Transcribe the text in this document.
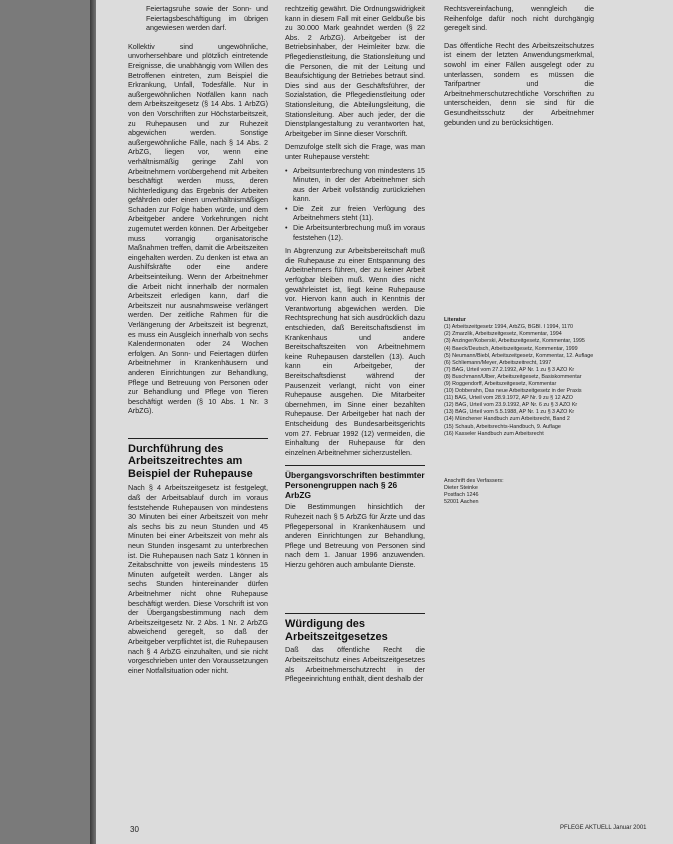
Feiertagsruhe sowie der Sonn- und Feiertagsbeschäftigung im übrigen angewiesen werden darf.

Kollektiv sind ungewöhnliche, unvorhersehbare und plötzlich eintretende Ereignisse, die unabhängig vom Willen des Betroffenen eintreten, zum Beispiel die Erkrankung, Unfall, Todesfälle. Nur in außergewöhnlichen Notfällen kann nach dem Arbeitszeitgesetz (§ 14 Abs. 1 ArbZG) von den Vorschriften zur Höchstarbeitszeit, zu Ruhepausen und zur Ruhezeit abgewichen werden. Sonstige außergewöhnliche Fälle, nach § 14 Abs. 2 ArbZG, liegen vor, wenn eine verhältnismäßig geringe Zahl von Arbeitnehmern vorübergehend mit Arbeiten beschäftigt werden muss, deren Nichterledigung das Ergebnis der Arbeiten gefährden oder einen unverhältnismäßigen Schaden zur Folge haben würde, und dem Arbeitgeber andere Vorkehrungen nicht zugemutet werden können. Der Arbeitgeber muss vorrangig organisatorische Maßnahmen treffen, damit die Arbeitszeiten eingehalten werden. Zu denken ist etwa an Aushilfskräfte oder eine andere Arbeitseinteilung. Wenn der Arbeitnehmer die Arbeit nicht innerhalb der normalen Arbeitszeit erledigen kann, darf die Arbeitszeit nur ausnahmsweise verlängert werden. Der zeitliche Rahmen für die Verlängerung der Arbeitszeit ist begrenzt, es muss ein Ausgleich innerhalb von sechs Kalendermonaten oder 24 Wochen erfolgen. An Sonn- und Feiertagen dürfen Arbeitnehmer in Krankenhäusern und anderen Einrichtungen zur Behandlung, Pflege und Betreuung von Personen oder zur Behandlung und Pflege von Tieren beschäftigt werden (§ 10 Abs. 1 Nr. 3 ArbZG).

Durchführung des Arbeitszeitrechtes am Beispiel der Ruhepause

Nach § 4 Arbeitszeitgesetz ist festgelegt, daß der Arbeitsablauf durch im voraus feststehende Ruhepausen von mindestens 30 Minuten bei einer Arbeitszeit von mehr als sechs bis zu neun Stunden und 45 Minuten bei einer Arbeitszeit von mehr als neun Stunden insgesamt zu unterbrechen ist. Die Ruhepausen nach Satz 1 können in Zeitabschnitte von jeweils mindestens 15 Minuten aufgeteilt werden. Länger als sechs Stunden hintereinander dürfen Arbeitnehmer nicht ohne Ruhepause beschäftigt werden. Diese Vorschrift ist von der Übergangsbestimmung nach dem Arbeitszeitgesetz Nr. 2 Abs. 1 Nr. 2 ArbZG abweichend geregelt, so daß der Arbeitgeber verpflichtet ist, die Ruhepausen nach § 4 ArbZG einzuhalten, und sie nicht vorgeschrieben unter den Voraussetzungen einer Notfallsituation oder nicht.

rechtzeitig gewährt. Die Ordnungswidrigkeit kann in diesem Fall mit einer Geldbuße bis zu 30.000 Mark geahndet werden (§ 22 Abs. 2 ArbZG). Arbeitgeber ist der Betriebsinhaber, der Heimleiter bzw. die Pflegedienstleitung, die Stationsleitung und die Personen, die mit der Leitung und Beaufsichtigung der Betriebes betraut sind. Dies sind aus der Geschäftsführer, der Sozialstation, die Pflegedienstleitung oder Stationsleitung, die Abteilungsleitung, die Stationsleitung. Aber auch jeder, der die Dienstplangestaltung zu verantworten hat, Arbeitgeber im Sinne dieser Vorschrift.

Demzufolge stellt sich die Frage, was man unter Ruhepause versteht:

• Arbeitsunterbrechung von mindestens 15 Minuten, in der der Arbeitnehmer sich aus der Arbeit vollständig zurückziehen kann.
• Die Zeit zur freien Verfügung des Arbeitnehmers steht (11).
• Die Arbeitsunterbrechung muß im voraus feststehen (12).

In Abgrenzung zur Arbeitsbereitschaft muß die Ruhepause zu einer Entspannung des Arbeitnehmers führen, der zu keiner Arbeit verfügbar bleiben muß. Wenn dies nicht gewährleistet ist, liegt keine Ruhepause vor. Hiervon kann auch in Kenntnis der Verantwortung abgewichen werden. Die Rechtsprechung hat sich ausdrücklich dazu entschieden, daß Bereitschaftsdienst im Krankenhaus und andere Bereitschaftszeiten von Arbeitnehmern keine Ruhepausen darstellen (13). Auch kann ein Arbeitgeber, der Bereitschaftsdienst während der Pausenzeit verlangt, nicht von einer Ruhepause ausgehen. Die Mitarbeiter übernehmen, im Sinne einer bezahlten Ruhepause. Der Arbeitgeber hat nach der Entscheidung des Bundesarbeitsgerichts vom 27. Februar 1992 (12) vermeiden, die Einhaltung der Ruhepause für den einzelnen Arbeitnehmer sicherzustellen.

Übergangsvorschriften bestimmter Personengruppen nach § 26 ArbZG

Die Bestimmungen hinsichtlich der Ruhezeit nach § 5 ArbZG für Ärzte und das Pflegepersonal in Krankenhäusern und anderen Einrichtungen zur Behandlung, Pflege und Betreuung von Personen sind nach dem 1. Januar 1996 anzuwenden. Hierzu gehören auch ambulante Dienste.

Würdigung des Arbeitszeitgesetzes

Daß das öffentliche Recht die Arbeitszeitschutz eines Arbeitszeitgesetzes als Arbeitnehmerschutzrecht in der Pflegeeinrichtung enthält, dient deshalb der

Rechtsvereinfachung, wenngleich die Reihenfolge dafür noch nicht durchgängig geregelt sind.

Das öffentliche Recht des Arbeitszeitschutzes ist einem der letzten Anwendungsmerkmal, sowohl im einer Fällen ausgelegt oder zu unterlassen, sondern es müssen die Tarifpartner und die Arbeitnehmerschutzrechtliche Vorschriften zu unterscheiden, denn sie sind für die Gesundheitsschutz der Arbeitnehmer gebunden und zu berücksichtigen.

Literatur
(1) Arbeitszeitgesetz 1994, ArbZG, BGBl. I 1994, 1170
(2) Zmarzlik, Arbeitszeitgesetz, Kommentar, 1994
(3) Anzinger/Koberski, Arbeitszeitgesetz, Kommentar, 1995
(4) Baeck/Deutsch, Arbeitszeitgesetz, Kommentar, 1999
(5) Neumann/Biebl, Arbeitszeitgesetz, Kommentar, 12. Auflage
(6) Schliemann/Meyer, Arbeitszeitrecht, 1997
(7) BAG, Urteil vom 27.2.1992, AP Nr. 1 zu § 3 AZO Kr
(8) Buschmann/Ulber, Arbeitszeitgesetz, Basiskommentar
(9) Roggendorff, Arbeitszeitgesetz, Kommentar
(10) Dobberahn, Das neue Arbeitszeitgesetz in der Praxis
(11) BAG, Urteil vom 28.9.1972, AP Nr. 9 zu § 12 AZO
(12) BAG, Urteil vom 23.9.1992, AP Nr. 6 zu § 3 AZO Kr
(13) BAG, Urteil vom 5.5.1988, AP Nr. 1 zu § 3 AZO Kr
(14) Münchener Handbuch zum Arbeitsrecht, Band 2
(15) Schaub, Arbeitsrechts-Handbuch, 9. Auflage
(16) Kasseler Handbuch zum Arbeitsrecht
Anschrift des Verfassers:
Dieter Steinke
Postfach 1246
52001 Aachen
30	PFLEGE AKTUELL Januar 2001
